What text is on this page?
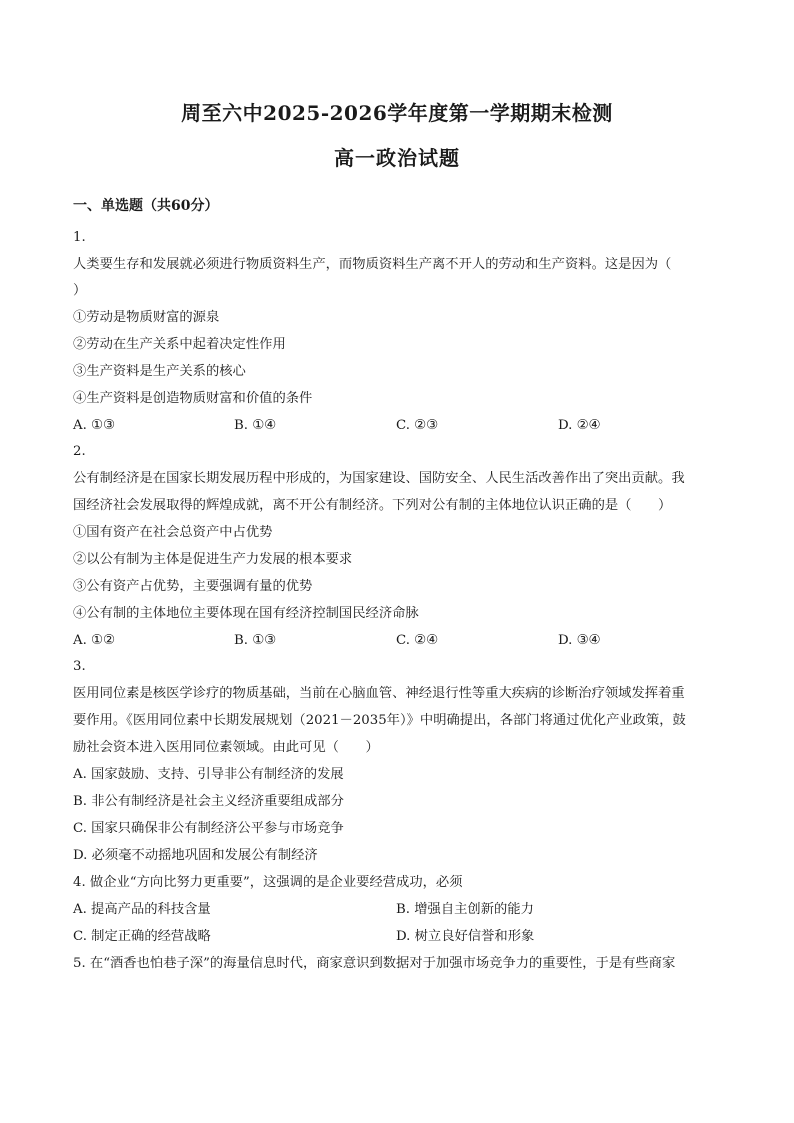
周至六中2025-2026学年度第一学期期末检测
高一政治试题
一、单选题（共60分）
1.
人类要生存和发展就必须进行物质资料生产，而物质资料生产离不开人的劳动和生产资料。这是因为（
）
①劳动是物质财富的源泉
②劳动在生产关系中起着决定性作用
③生产资料是生产关系的核心
④生产资料是创造物质财富和价值的条件
A. ①③	B. ①④	C. ②③	D. ②④
2.
公有制经济是在国家长期发展历程中形成的，为国家建设、国防安全、人民生活改善作出了突出贡献。我
国经济社会发展取得的辉煌成就，离不开公有制经济。下列对公有制的主体地位认识正确的是（　　）
①国有资产在社会总资产中占优势
②以公有制为主体是促进生产力发展的根本要求
③公有资产占优势，主要强调有量的优势
④公有制的主体地位主要体现在国有经济控制国民经济命脉
A. ①②	B. ①③	C. ②④	D. ③④
3.
医用同位素是核医学诊疗的物质基础，当前在心脑血管、神经退行性等重大疾病的诊断治疗领域发挥着重
要作用。《医用同位素中长期发展规划（2021－2035年）》中明确提出，各部门将通过优化产业政策，鼓
励社会资本进入医用同位素领域。由此可见（　　）
A. 国家鼓励、支持、引导非公有制经济的发展
B. 非公有制经济是社会主义经济重要组成部分
C. 国家只确保非公有制经济公平参与市场竞争
D. 必须毫不动摇地巩固和发展公有制经济
4. 做企业“方向比努力更重要”，这强调的是企业要经营成功，必须
A. 提高产品的科技含量	B. 增强自主创新的能力
C. 制定正确的经营战略	D. 树立良好信誉和形象
5. 在“酒香也怕巷子深”的海量信息时代，商家意识到数据对于加强市场竞争力的重要性，于是有些商家
